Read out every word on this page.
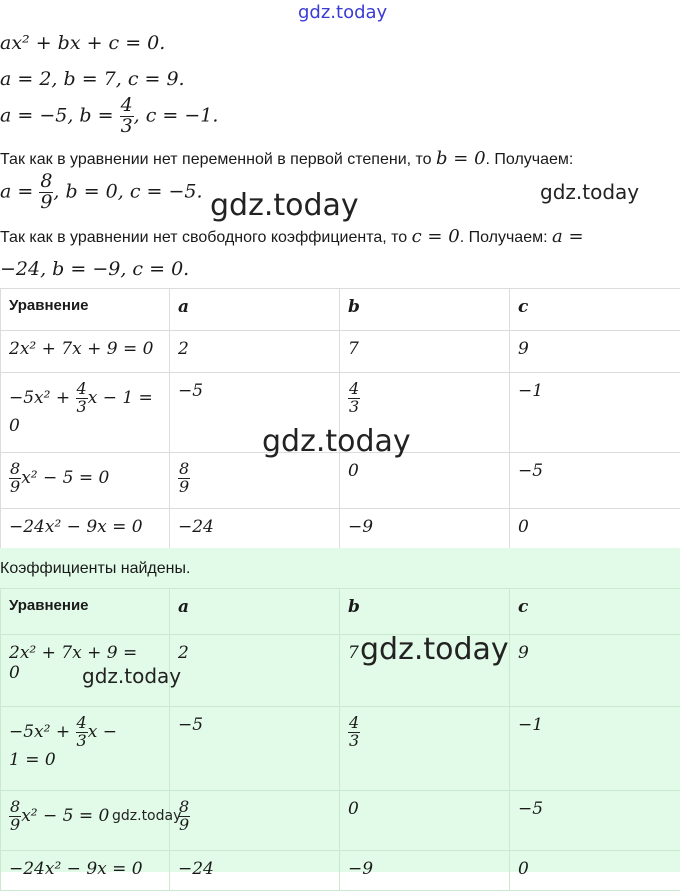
gdz.today
gdz.today
gdz.today
ax² + bx + c = 0.
a = 2, b = 7, c = 9.
a = −5, $b = \frac{4}{3}$ , c = −1.
Так как в уравнении нет переменной в первой степени, то b = 0. Получаем:
$a = \frac{8}{9}$ , b = 0, c = −5.
Так как в уравнении нет свободного коэффициента, то c = 0. Получаем: a =
−24, b = −9, c = 0.
Уравнение	a	b	c
2x² + 7x + 9 = 0	2	7	9
$-5x^2 + \frac{4}{3}$ x − 1 =
0	−5	$\frac{4}{3}$	−1

$\frac{8}{9} x^2 - 5 = 0$	$\frac{8}{9}$	0	−5
−24x² − 9x = 0	−24	−9	0
gdz.today
Коэффициенты найдены.
Уравнение	a	b	c
2x² + 7x + 9 =
0	2	7	9
$-5x^2 + \frac{4}{3}$ x −
1 = 0	−5	$\frac{4}{3}$	−1

$\frac{8}{9} x^2 - 5 = 0$	$\frac{8}{9}$	0	−5
−24x² − 9x = 0	−24	−9	0
gdz.today
gdz.today
gdz.today
